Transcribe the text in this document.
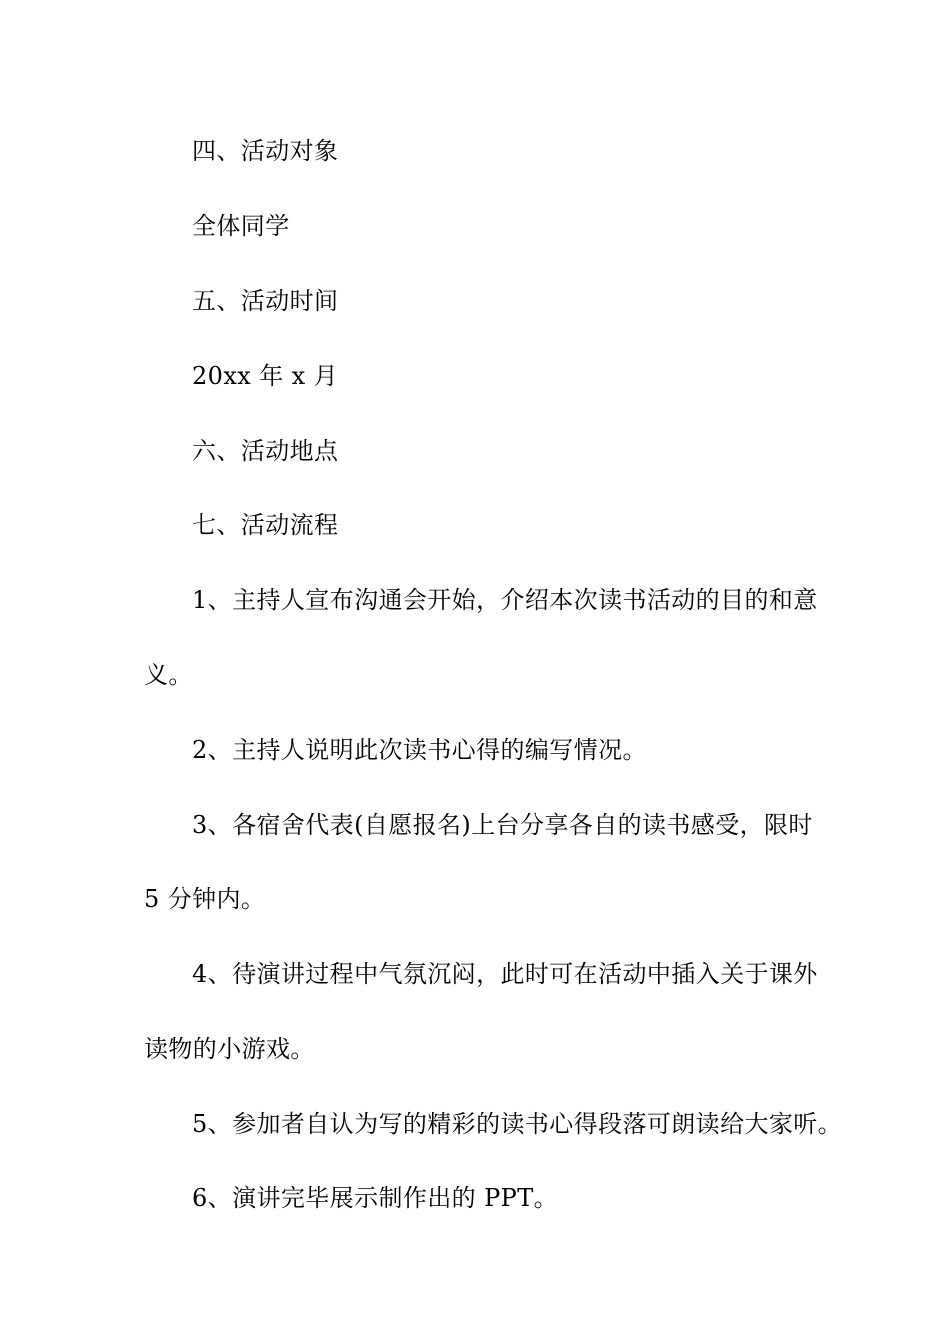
四、活动对象

全体同学

五、活动时间

20xx 年 x 月

六、活动地点

七、活动流程

1、主持人宣布沟通会开始，介绍本次读书活动的目的和意

义。

2、主持人说明此次读书心得的编写情况。

3、各宿舍代表(自愿报名)上台分享各自的读书感受，限时

5 分钟内。

4、待演讲过程中气氛沉闷，此时可在活动中插入关于课外

读物的小游戏。

5、参加者自认为写的精彩的读书心得段落可朗读给大家听。

6、演讲完毕展示制作出的 PPT。
